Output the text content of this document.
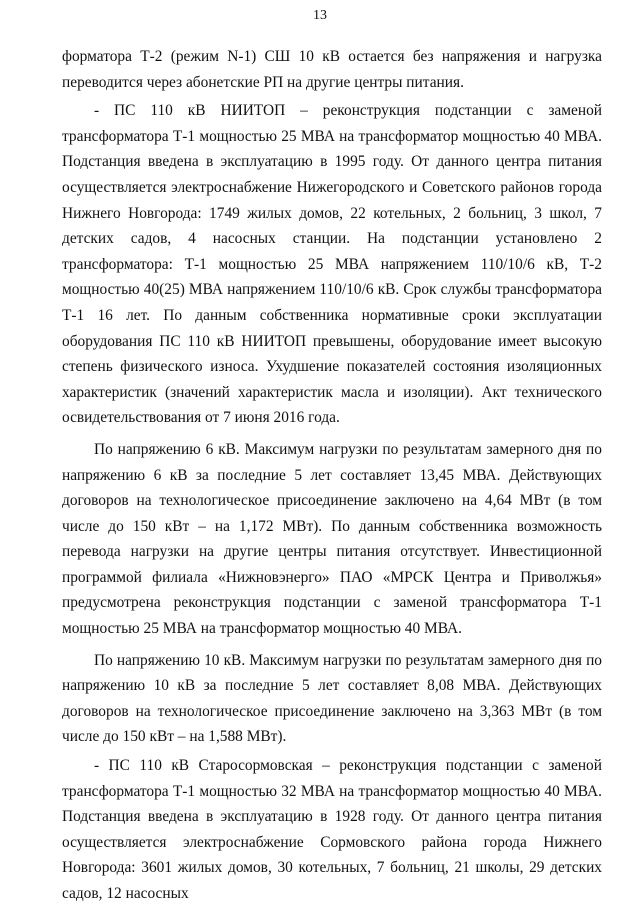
13

форматора Т-2 (режим N-1) СШ 10 кВ остается без напряжения и нагрузка переводится через абонетские РП на другие центры питания.

- ПС 110 кВ НИИТОП – реконструкция подстанции с заменой трансформатора Т-1 мощностью 25 МВА на трансформатор мощностью 40 МВА. Подстанция введена в эксплуатацию в 1995 году. От данного центра питания осуществляется электроснабжение Нижегородского и Советского районов города Нижнего Новгорода: 1749 жилых домов, 22 котельных, 2 больниц, 3 школ, 7 детских садов, 4 насосных станции. На подстанции установлено 2 трансформатора: Т-1 мощностью 25 МВА напряжением 110/10/6 кВ, Т-2 мощностью 40(25) МВА напряжением 110/10/6 кВ. Срок службы трансформатора Т-1 16 лет. По данным собственника нормативные сроки эксплуатации оборудования ПС 110 кВ НИИТОП превышены, оборудование имеет высокую степень физического износа. Ухудшение показателей состояния изоляционных характеристик (значений характеристик масла и изоляции). Акт технического освидетельствования от 7 июня 2016 года.

По напряжению 6 кВ. Максимум нагрузки по результатам замерного дня по напряжению 6 кВ за последние 5 лет составляет 13,45 МВА. Действующих договоров на технологическое присоединение заключено на 4,64 МВт (в том числе до 150 кВт – на 1,172 МВт). По данным собственника возможность перевода нагрузки на другие центры питания отсутствует. Инвестиционной программой филиала «Нижновэнерго» ПАО «МРСК Центра и Приволжья» предусмотрена реконструкция подстанции с заменой трансформатора Т-1 мощностью 25 МВА на трансформатор мощностью 40 МВА.

По напряжению 10 кВ. Максимум нагрузки по результатам замерного дня по напряжению 10 кВ за последние 5 лет составляет 8,08 МВА. Действующих договоров на технологическое присоединение заключено на 3,363 МВт (в том числе до 150 кВт – на 1,588 МВт).

- ПС 110 кВ Старосормовская – реконструкция подстанции с заменой трансформатора Т-1 мощностью 32 МВА на трансформатор мощностью 40 МВА. Подстанция введена в эксплуатацию в 1928 году. От данного центра питания осуществляется электроснабжение Сормовского района города Нижнего Новгорода: 3601 жилых домов, 30 котельных, 7 больниц, 21 школы, 29 детских садов, 12 насосных
